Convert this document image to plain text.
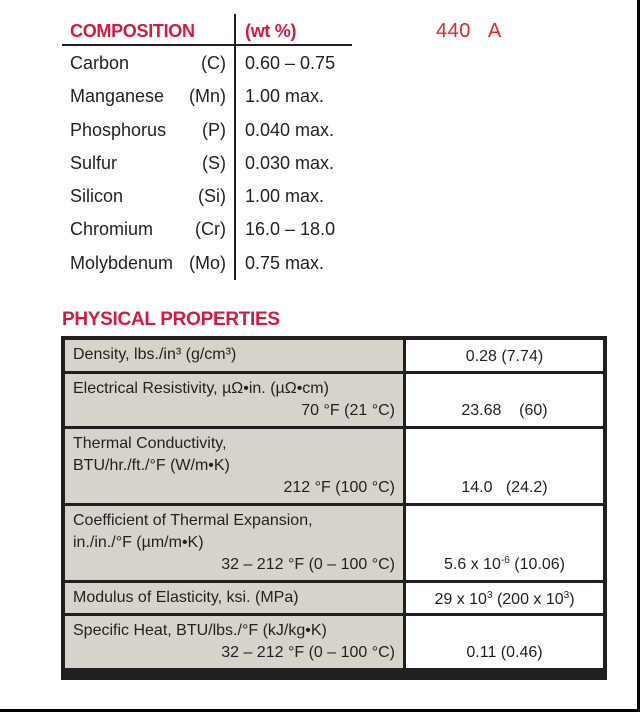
440   A
COMPOSITION	(wt %)
Carbon	(C) 0.60 – 0.75
Manganese (Mn) 1.00 max.
Phosphorus (P) 0.040 max.
Sulfur	(S) 0.030 max.
Silicon	(Si) 1.00 max.
Chromium (Cr) 16.0 – 18.0
Molybdenum (Mo) 0.75 max.
PHYSICAL PROPERTIES
Density, lbs./in³ (g/cm³)	0.28 (7.74)
Electrical Resistivity, µΩ•in. (µΩ•cm)
70 °F (21 °C)	23.68    (60)
Thermal Conductivity,
BTU/hr./ft./°F (W/m•K)
212 °F (100 °C)	14.0   (24.2)
Coefficient of Thermal Expansion,
in./in./°F (µm/m•K)
32 – 212 °F (0 – 100 °C)	5.6 x $10^{-6}$ (10.06)
Modulus of Elasticity, ksi. (MPa)	29 x $10^3$ (200 x $10^3$)
Specific Heat, BTU/lbs./°F (kJ/kg•K)
32 – 212 °F (0 – 100 °C)	0.11 (0.46)
